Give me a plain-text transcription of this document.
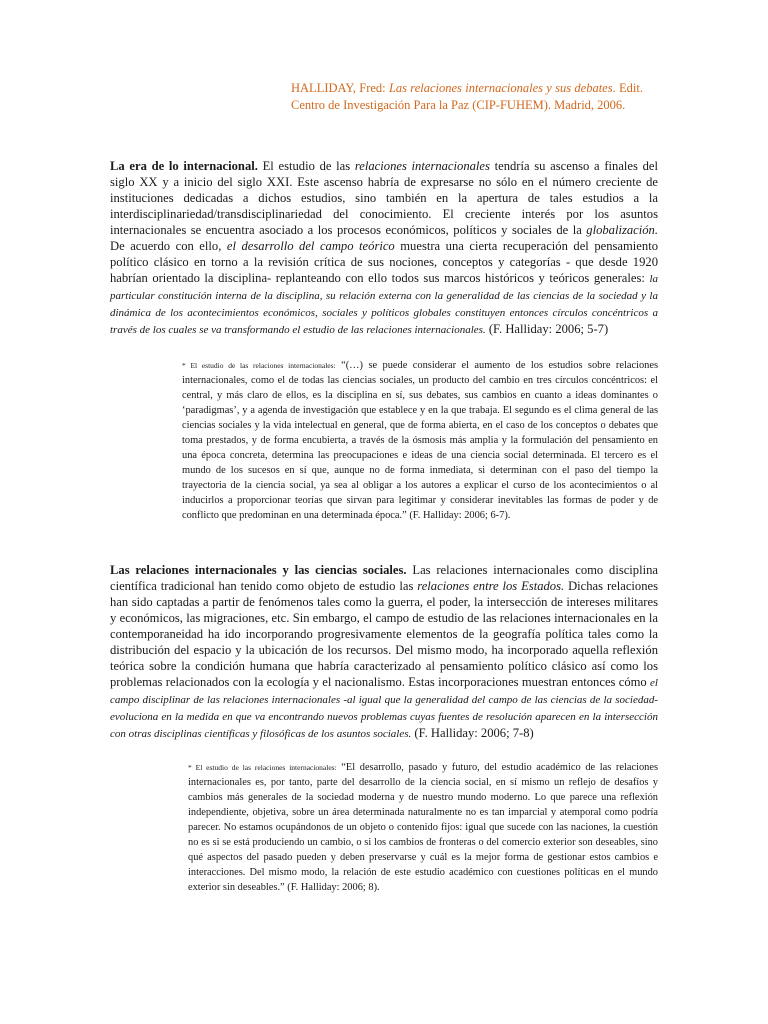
HALLIDAY, Fred: Las relaciones internacionales y sus debates. Edit. Centro de Investigación Para la Paz (CIP-FUHEM). Madrid, 2006.

La era de lo internacional. El estudio de las relaciones internacionales tendría su ascenso a finales del siglo XX y a inicio del siglo XXI. Este ascenso habría de expresarse no sólo en el número creciente de instituciones dedicadas a dichos estudios, sino también en la apertura de tales estudios a la interdisciplinariedad/transdisciplinariedad del conocimiento. El creciente interés por los asuntos internacionales se encuentra asociado a los procesos económicos, políticos y sociales de la globalización. De acuerdo con ello, el desarrollo del campo teórico muestra una cierta recuperación del pensamiento político clásico en torno a la revisión crítica de sus nociones, conceptos y categorías - que desde 1920 habrían orientado la disciplina- replanteando con ello todos sus marcos históricos y teóricos generales: la particular constitución interna de la disciplina, su relación externa con la generalidad de las ciencias de la sociedad y la dinámica de los acontecimientos económicos, sociales y políticos globales constituyen entonces círculos concéntricos a través de los cuales se va transformando el estudio de las relaciones internacionales. (F. Halliday: 2006; 5-7)

* El estudio de las relaciones internacionales: “(…) se puede considerar el aumento de los estudios sobre relaciones internacionales, como el de todas las ciencias sociales, un producto del cambio en tres círculos concéntricos: el central, y más claro de ellos, es la disciplina en sí, sus debates, sus cambios en cuanto a ideas dominantes o ‘paradigmas’, y a agenda de investigación que establece y en la que trabaja. El segundo es el clima general de las ciencias sociales y la vida intelectual en general, que de forma abierta, en el caso de los conceptos o debates que toma prestados, y de forma encubierta, a través de la ósmosis más amplia y la formulación del pensamiento en una época concreta, determina las preocupaciones e ideas de una ciencia social determinada. El tercero es el mundo de los sucesos en sí que, aunque no de forma inmediata, si determinan con el paso del tiempo la trayectoria de la ciencia social, ya sea al obligar a los autores a explicar el curso de los acontecimientos o al inducirlos a proporcionar teorías que sirvan para legitimar y considerar inevitables las formas de poder y de conflicto que predominan en una determinada época.” (F. Halliday: 2006; 6-7).

Las relaciones internacionales y las ciencias sociales. Las relaciones internacionales como disciplina científica tradicional han tenido como objeto de estudio las relaciones entre los Estados. Dichas relaciones han sido captadas a partir de fenómenos tales como la guerra, el poder, la intersección de intereses militares y económicos, las migraciones, etc. Sin embargo, el campo de estudio de las relaciones internacionales en la contemporaneidad ha ido incorporando progresivamente elementos de la geografía política tales como la distribución del espacio y la ubicación de los recursos. Del mismo modo, ha incorporado aquella reflexión teórica sobre la condición humana que habría caracterizado al pensamiento político clásico así como los problemas relacionados con la ecología y el nacionalismo. Estas incorporaciones muestran entonces cómo el campo disciplinar de las relaciones internacionales -al igual que la generalidad del campo de las ciencias de la sociedad- evoluciona en la medida en que va encontrando nuevos problemas cuyas fuentes de resolución aparecen en la intersección con otras disciplinas científicas y filosóficas de los asuntos sociales. (F. Halliday: 2006; 7-8)

* El estudio de las relaciones internacionales: “El desarrollo, pasado y futuro, del estudio académico de las relaciones internacionales es, por tanto, parte del desarrollo de la ciencia social, en sí mismo un reflejo de desafíos y cambios más generales de la sociedad moderna y de nuestro mundo moderno. Lo que parece una reflexión independiente, objetiva, sobre un área determinada naturalmente no es tan imparcial y atemporal como podría parecer. No estamos ocupándonos de un objeto o contenido fijos: igual que sucede con las naciones, la cuestión no es si se está produciendo un cambio, o si los cambios de fronteras o del comercio exterior son deseables, sino qué aspectos del pasado pueden y deben preservarse y cuál es la mejor forma de gestionar estos cambios e interacciones. Del mismo modo, la relación de este estudio académico con cuestiones políticas en el mundo exterior sin deseables.” (F. Halliday: 2006; 8).
